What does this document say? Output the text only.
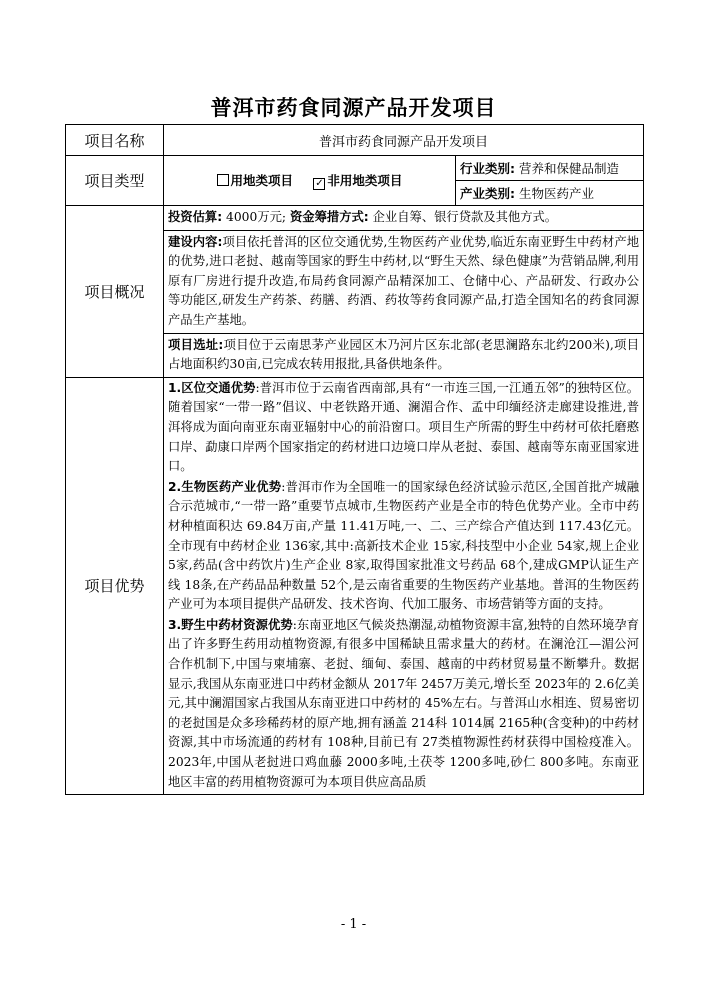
普洱市药食同源产品开发项目
项目名称	普洱市药食同源产品开发项目	
项目类型	用地类项目 ✓ 非用地类项目	行业类别: 营养和保健品制造
		产业类别: 生物医药产业
项目概况	投资估算: 4000万元; 资金筹措方式: 企业自筹、银行贷款及其他方式。	
	建设内容:项目依托普洱的区位交通优势,生物医药产业优势,临近东南亚野生中药材产地的优势,进口老挝、越南等国家的野生中药材,以“野生天然、绿色健康”为营销品牌,利用原有厂房进行提升改造,布局药食同源产品精深加工、仓储中心、产品研发、行政办公等功能区,研发生产药茶、药膳、药酒、药妆等药食同源产品,打造全国知名的药食同源产品生产基地。	
	项目选址:项目位于云南思茅产业园区木乃河片区东北部(老思澜路东北约200米),项目占地面积约30亩,已完成农转用报批,具备供地条件。	
项目优势	1.区位交通优势:普洱市位于云南省西南部,具有“一市连三国,一江通五邻”的独特区位。随着国家“一带一路”倡议、中老铁路开通、澜湄合作、孟中印缅经济走廊建设推进,普洱将成为面向南亚东南亚辐射中心的前沿窗口。项目生产所需的野生中药材可依托磨憨口岸、勐康口岸两个国家指定的药材进口边境口岸从老挝、泰国、越南等东南亚国家进口。

2.生物医药产业优势:普洱市作为全国唯一的国家绿色经济试验示范区,全国首批产城融合示范城市,“一带一路”重要节点城市,生物医药产业是全市的特色优势产业。全市中药材种植面积达 69.84万亩,产量 11.41万吨,一、二、三产综合产值达到 117.43亿元。全市现有中药材企业 136家,其中:高新技术企业 15家,科技型中小企业 54家,规上企业 5家,药品(含中药饮片)生产企业 8家,取得国家批准文号药品 68个,建成GMP认证生产线 18条,在产药品品种数量 52个,是云南省重要的生物医药产业基地。普洱的生物医药产业可为本项目提供产品研发、技术咨询、代加工服务、市场营销等方面的支持。

3.野生中药材资源优势:东南亚地区气候炎热潮湿,动植物资源丰富,独特的自然环境孕育出了许多野生药用动植物资源,有很多中国稀缺且需求量大的药材。在澜沧江—湄公河合作机制下,中国与柬埔寨、老挝、缅甸、泰国、越南的中药材贸易量不断攀升。数据显示,我国从东南亚进口中药材金额从 2017年 2457万美元,增长至 2023年的 2.6亿美元,其中澜湄国家占我国从东南亚进口中药材的 45%左右。与普洱山水相连、贸易密切的老挝国是众多珍稀药材的原产地,拥有涵盖 214科 1014属 2165种(含变种)的中药材资源,其中市场流通的药材有 108种,目前已有 27类植物源性药材获得中国检疫准入。2023年,中国从老挝进口鸡血藤 2000多吨,土茯苓 1200多吨,砂仁 800多吨。东南亚地区丰富的药用植物资源可为本项目供应高品质	

- 1 -
